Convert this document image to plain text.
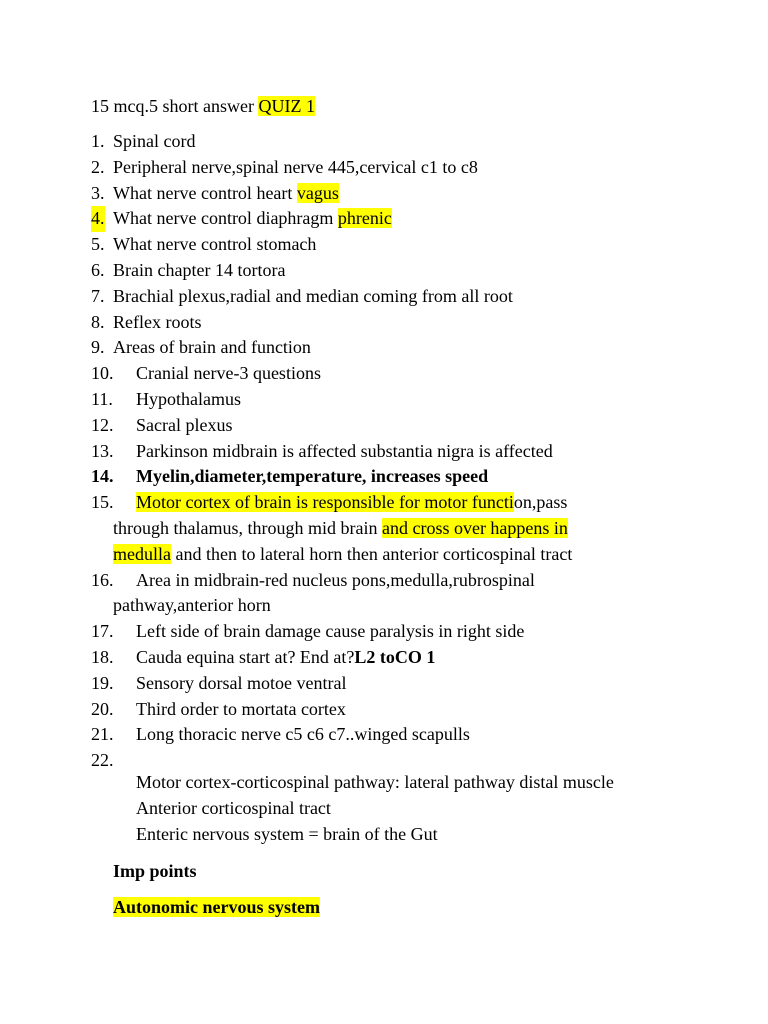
15 mcq.5 short answer QUIZ 1
1. Spinal cord
2. Peripheral nerve,spinal nerve 445,cervical c1 to c8
3. What nerve control heart vagus
4. What nerve control diaphragm phrenic
5. What nerve control stomach
6. Brain chapter 14 tortora
7. Brachial plexus,radial and median coming from all root
8. Reflex roots
9. Areas of brain and function
10. Cranial nerve-3 questions
11. Hypothalamus
12. Sacral plexus
13. Parkinson midbrain is affected substantia nigra is affected
14. Myelin,diameter,temperature, increases speed
15.	Motor cortex of brain is responsible for motor function,pass
through thalamus, through mid brain and cross over happens in
medulla and then to lateral horn then anterior corticospinal tract
16. Area in midbrain-red nucleus pons,medulla,rubrospinal
pathway,anterior horn
17. Left side of brain damage cause paralysis in right side
18. Cauda equina start at? End at?L2 toCO 1
19. Sensory dorsal motoe ventral
20. Third order to mortata cortex
21. Long thoracic nerve c5 c6 c7..winged scapulls
22.
Motor cortex-corticospinal pathway: lateral pathway distal muscle
Anterior corticospinal tract
Enteric nervous system = brain of the Gut
Imp points
Autonomic nervous system
